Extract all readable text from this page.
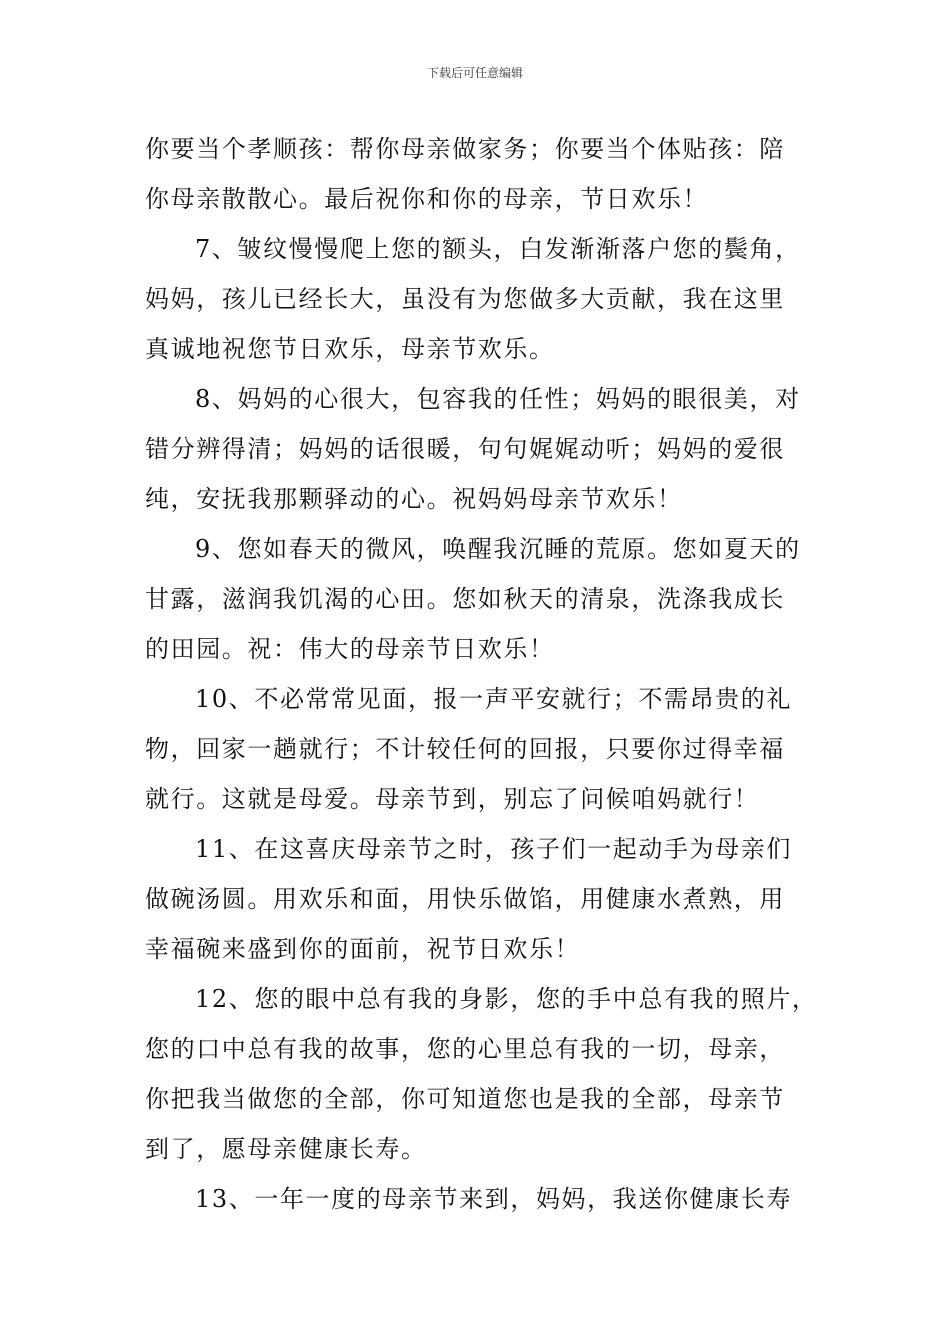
下载后可任意编辑

你要当个孝顺孩：帮你母亲做家务；你要当个体贴孩：陪
你母亲散散心。最后祝你和你的母亲，节日欢乐！

7、皱纹慢慢爬上您的额头，白发渐渐落户您的鬓角，
妈妈，孩儿已经长大，虽没有为您做多大贡献，我在这里
真诚地祝您节日欢乐，母亲节欢乐。

8、妈妈的心很大，包容我的任性；妈妈的眼很美，对
错分辨得清；妈妈的话很暖，句句娓娓动听；妈妈的爱很
纯，安抚我那颗驿动的心。祝妈妈母亲节欢乐！

9、您如春天的微风，唤醒我沉睡的荒原。您如夏天的
甘露，滋润我饥渴的心田。您如秋天的清泉，洗涤我成长
的田园。祝：伟大的母亲节日欢乐！

10、不必常常见面，报一声平安就行；不需昂贵的礼
物，回家一趟就行；不计较任何的回报，只要你过得幸福
就行。这就是母爱。母亲节到，别忘了问候咱妈就行！

11、在这喜庆母亲节之时，孩子们一起动手为母亲们
做碗汤圆。用欢乐和面，用快乐做馅，用健康水煮熟，用
幸福碗来盛到你的面前，祝节日欢乐！

12、您的眼中总有我的身影，您的手中总有我的照片，
您的口中总有我的故事，您的心里总有我的一切，母亲，
你把我当做您的全部，你可知道您也是我的全部，母亲节
到了，愿母亲健康长寿。

13、一年一度的母亲节来到，妈妈，我送你健康长寿
